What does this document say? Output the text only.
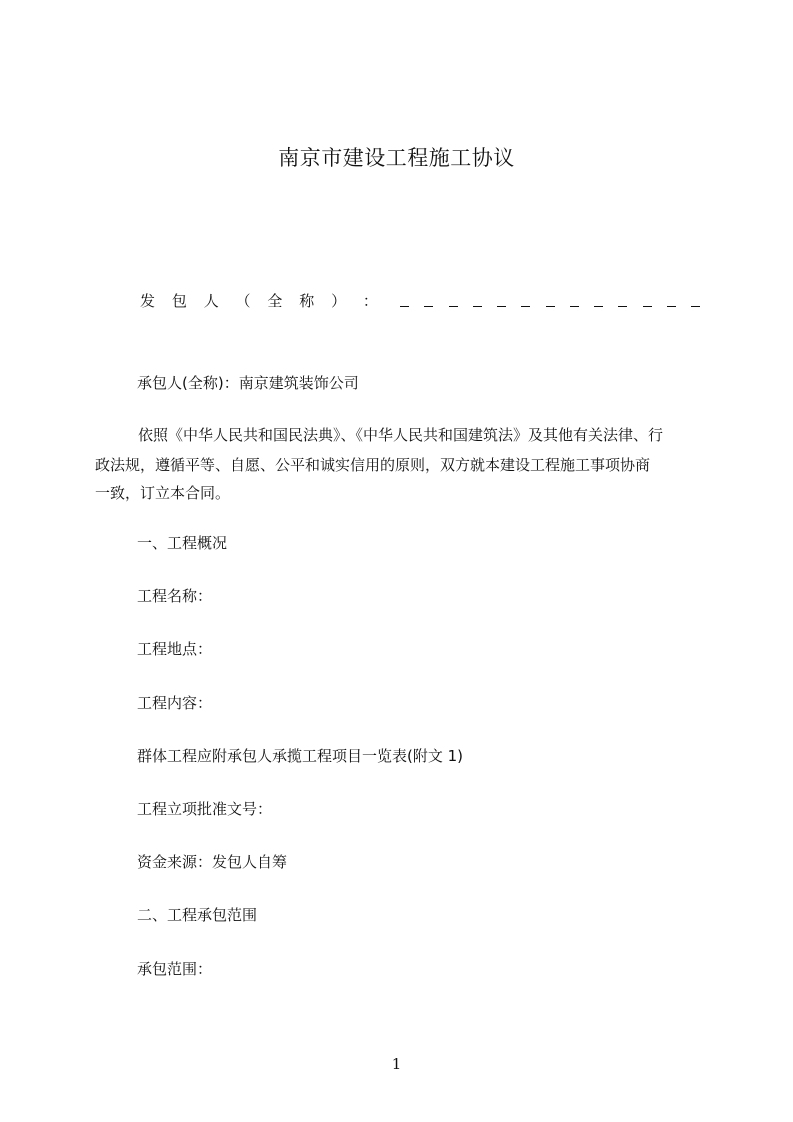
南京市建设工程施工协议
发 包 人 （ 全 称 ） ：
承包人(全称)：南京建筑装饰公司
依照《中华人民共和国民法典》、《中华人民共和国建筑法》及其他有关法律、行
政法规，遵循平等、自愿、公平和诚实信用的原则，双方就本建设工程施工事项协商
一致，订立本合同。
一、工程概况
工程名称：
工程地点：
工程内容：
群体工程应附承包人承揽工程项目一览表(附文 1)
工程立项批准文号：
资金来源：发包人自筹
二、工程承包范围
承包范围：
1
